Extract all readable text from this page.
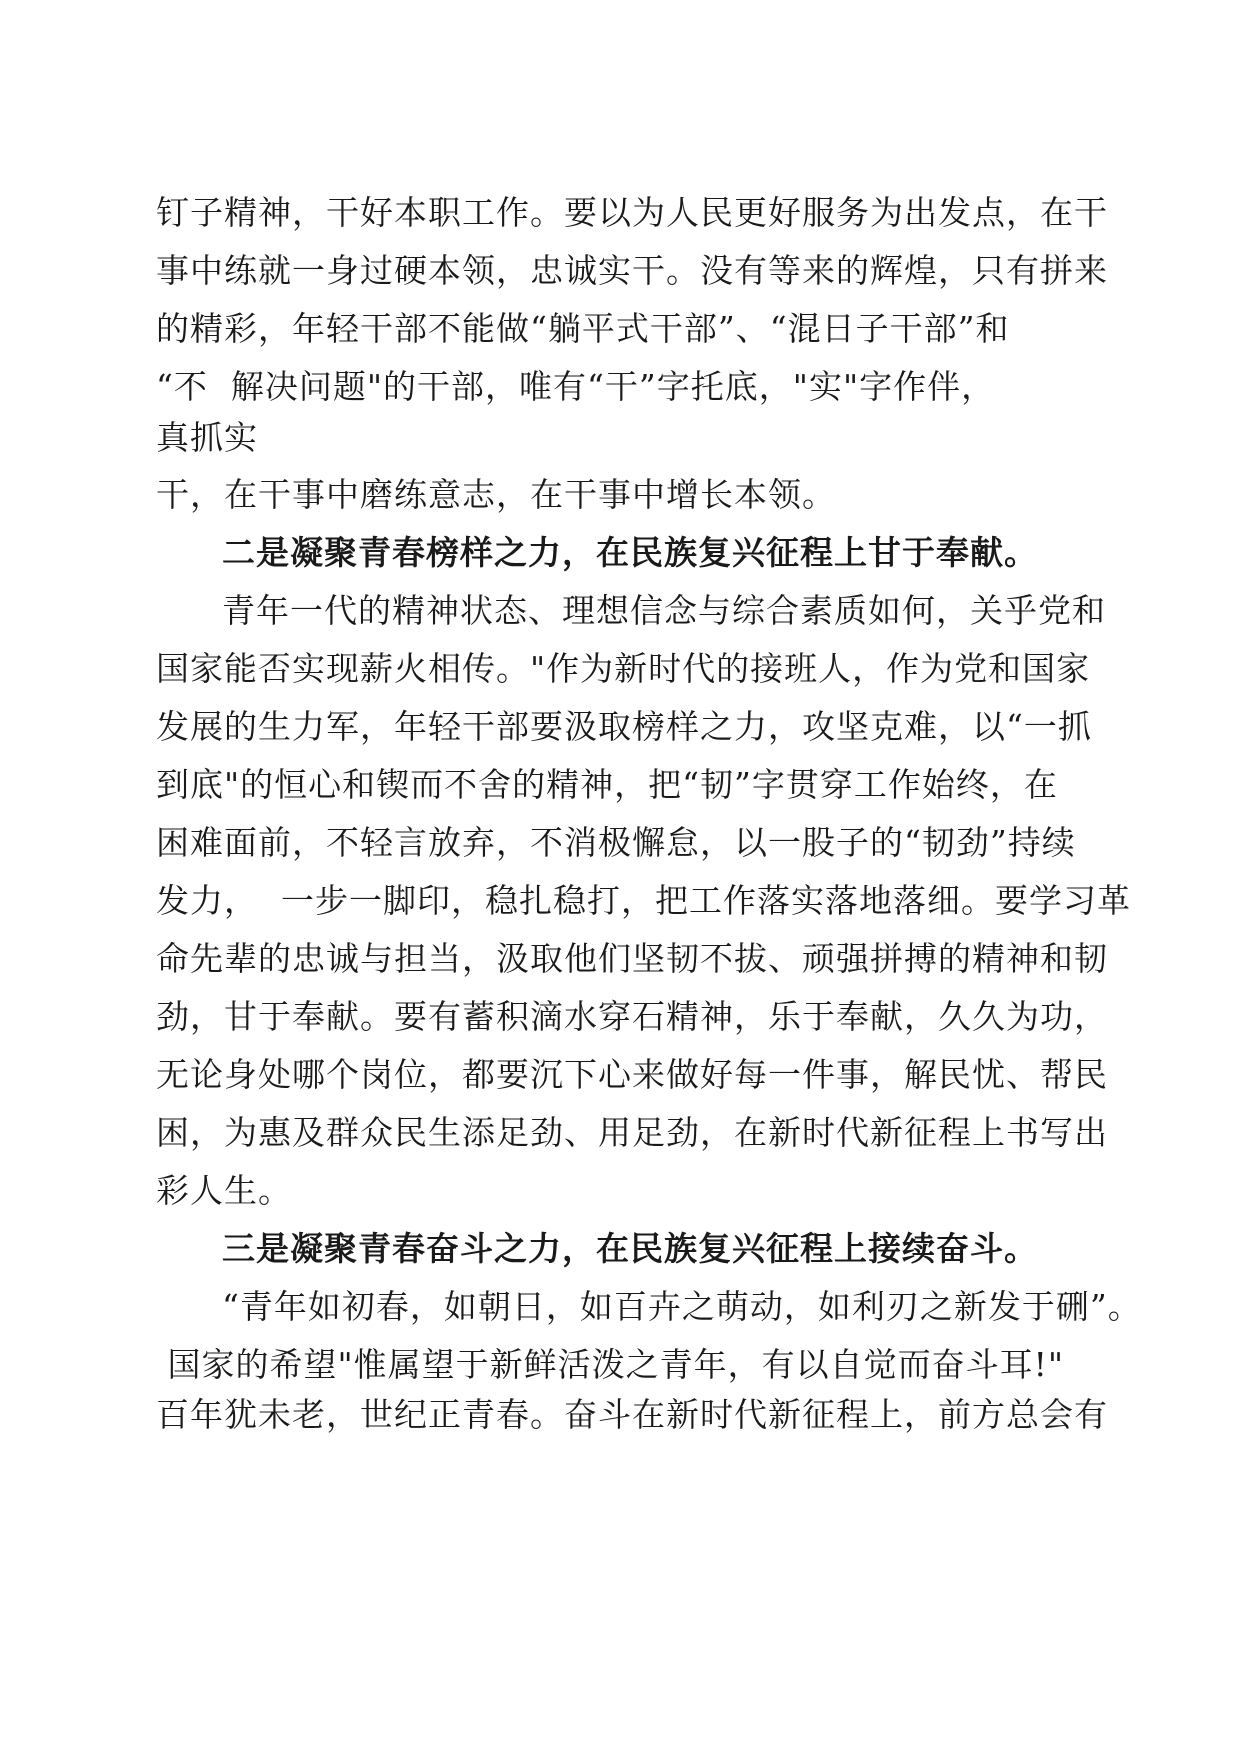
钉子精神，干好本职工作。要以为人民更好服务为出发点，在干
事中练就一身过硬本领，忠诚实干。没有等来的辉煌，只有拼来
的精彩，年轻干部不能做“躺平式干部”、“混日子干部”和
“不  解决问题"的干部，唯有“干”字托底，"实"字作伴，
真抓实
干，在干事中磨练意志，在干事中增长本领。
二是凝聚青春榜样之力，在民族复兴征程上甘于奉献。
青年一代的精神状态、理想信念与综合素质如何，关乎党和
国家能否实现薪火相传。"作为新时代的接班人，作为党和国家
发展的生力军，年轻干部要汲取榜样之力，攻坚克难，以“一抓
到底"的恒心和锲而不舍的精神，把“韧”字贯穿工作始终，在
困难面前，不轻言放弃，不消极懈怠，以一股子的“韧劲”持续
发力，  一步一脚印，稳扎稳打，把工作落实落地落细。要学习革
命先辈的忠诚与担当，汲取他们坚韧不拔、顽强拼搏的精神和韧
劲，甘于奉献。要有蓄积滴水穿石精神，乐于奉献，久久为功，
无论身处哪个岗位，都要沉下心来做好每一件事，解民忧、帮民
困，为惠及群众民生添足劲、用足劲，在新时代新征程上书写出
彩人生。
三是凝聚青春奋斗之力，在民族复兴征程上接续奋斗。
“青年如初春，如朝日，如百卉之萌动，如利刃之新发于硎”。
国家的希望"惟属望于新鲜活泼之青年，有以自觉而奋斗耳!"
百年犹未老，世纪正青春。奋斗在新时代新征程上，前方总会有
